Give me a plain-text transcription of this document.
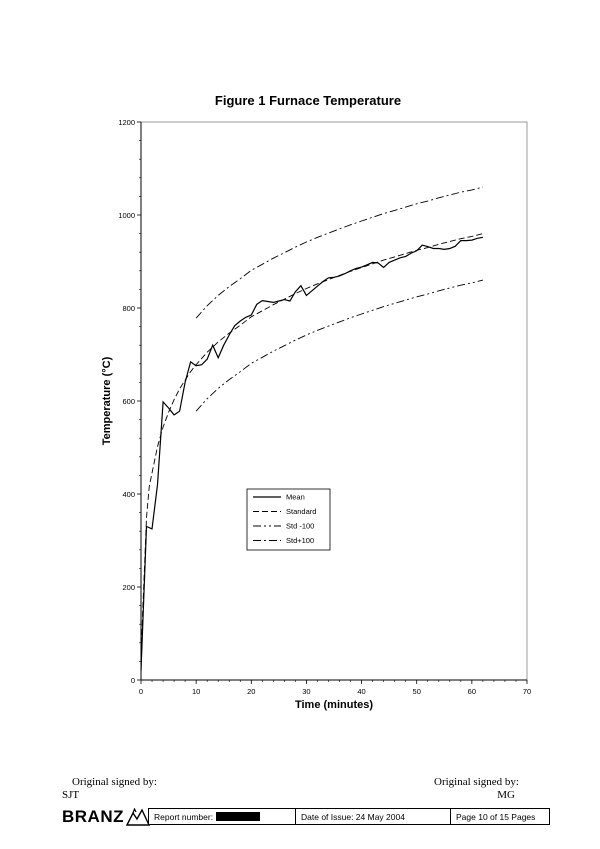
Figure 1 Furnace Temperature
0	10	20	30	40	50	60	70
0
200
400
600
800
1000
1200
Time (minutes)
Temperature (°C)
Mean
Standard
Std -100
Std+100
Original signed by:
SJT
Original signed by:
MG
BRANZ	Report number:	Date of Issue: 24 May 2004	Page 10 of 15 Pages
